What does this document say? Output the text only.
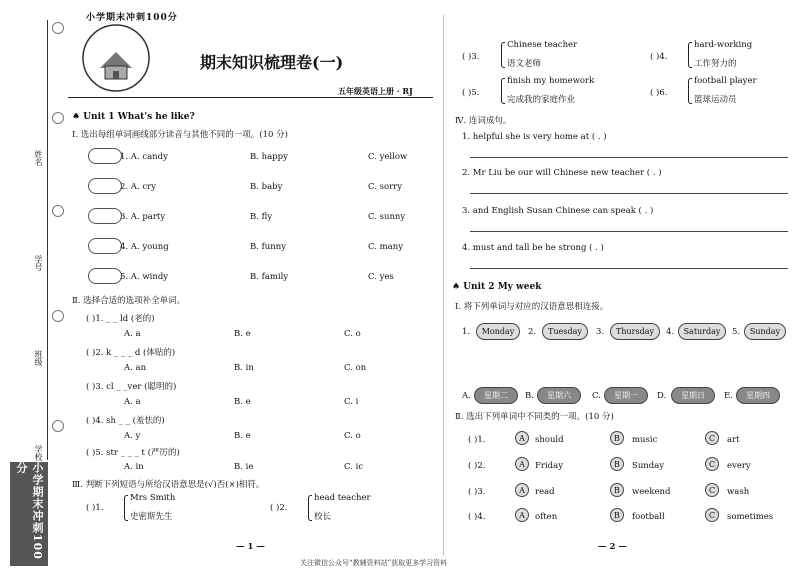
姓名
学号
班级
学校
小学期末冲刺100分
小学期末冲刺100分
期末知识梳理卷(一)
五年级英语上册 · RJ
♠ Unit 1 What's he like?
Ⅰ. 选出每组单词画线部分读音与其他不同的一项。(10 分)
1. A. candy	B. happy	C. yellow
2. A. cry	B. baby	C. sorry
3. A. party	B. fly	C. sunny
4. A. young	B. funny	C. many
5. A. windy	B. family	C. yes
Ⅱ. 选择合适的选项补全单词。
( )1. _ _ ld (老的)
A. a	B. e	C. o
( )2. k _ _ _ d (体贴的)
A. an	B. in	C. on
( )3. cl _ _ver (聪明的)
A. a	B. e	C. i
( )4. sh _ _ (羞怯的)
A. y	B. e	C. o
( )5. str _ _ _ t (严厉的)
A. in	B. ie	C. ic
Ⅲ. 判断下列短语与所给汉语意思是(√)否(×)相符。
( )1.
Mrs Smith
史密斯先生
( )2.
head teacher
校长
— 1 —
( )3.
Chinese teacher
语文老师
( )4.
hard-working
工作努力的
( )5.
finish my homework
完成我的家庭作业
( )6.
football player
篮球运动员
Ⅳ. 连词成句。
1. helpful she is very home at ( . )
2. Mr Liu be our will Chinese new teacher ( . )
3. and English Susan Chinese can speak ( . )
4. must and tall be he strong ( . )
♠ Unit 2 My week
Ⅰ. 将下列单词与对应的汉语意思相连接。
1.	Monday	2.	Tuesday	3.	Thursday	4.	Saturday	5.	Sunday
A.	星期二	B.	星期六	C.	星期一	D.	星期日	E.	星期四
Ⅱ. 选出下列单词中不同类的一项。(10 分)
( )1.	A	should	B	music	C	art
( )2.	A	Friday	B	Sunday	C	every
( )3.	A	read	B	weekend	C	wash
( )4.	A	often	B	football	C	sometimes
— 2 —
关注微信公众号“教辅资料站”获取更多学习资料
